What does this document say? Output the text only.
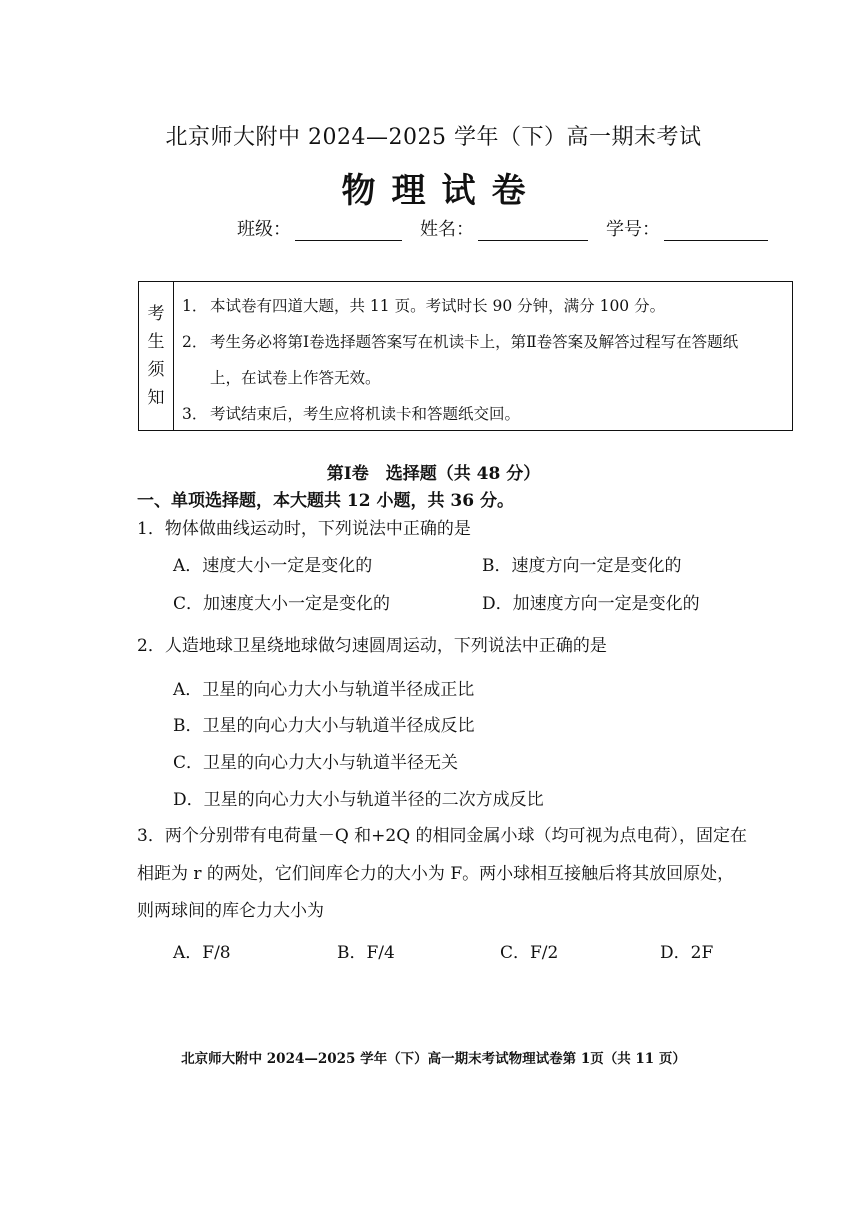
北京师大附中 2024—2025 学年（下）高一期末考试
物理试卷
班级：	姓名：	学号：
考
生
须
知
1． 本试卷有四道大题，共 11 页。考试时长 90 分钟，满分 100 分。
2． 考生务必将第Ⅰ卷选择题答案写在机读卡上，第Ⅱ卷答案及解答过程写在答题纸
上，在试卷上作答无效。
3． 考试结束后，考生应将机读卡和答题纸交回。
第Ⅰ卷　选择题（共 48 分）
一、单项选择题，本大题共 12 小题，共 36 分。
1．物体做曲线运动时，下列说法中正确的是
A．速度大小一定是变化的	B．速度方向一定是变化的
C．加速度大小一定是变化的	D．加速度方向一定是变化的
2．人造地球卫星绕地球做匀速圆周运动，下列说法中正确的是
A．卫星的向心力大小与轨道半径成正比
B．卫星的向心力大小与轨道半径成反比
C．卫星的向心力大小与轨道半径无关
D．卫星的向心力大小与轨道半径的二次方成反比
3．两个分别带有电荷量－Q 和+2Q 的相同金属小球（均可视为点电荷），固定在
相距为 r 的两处，它们间库仑力的大小为 F。两小球相互接触后将其放回原处，
则两球间的库仑力大小为
A．F/8	B．F/4	C．F/2	D．2F
北京师大附中 2024—2025 学年（下）高一期末考试物理试卷第 1页（共 11 页）
